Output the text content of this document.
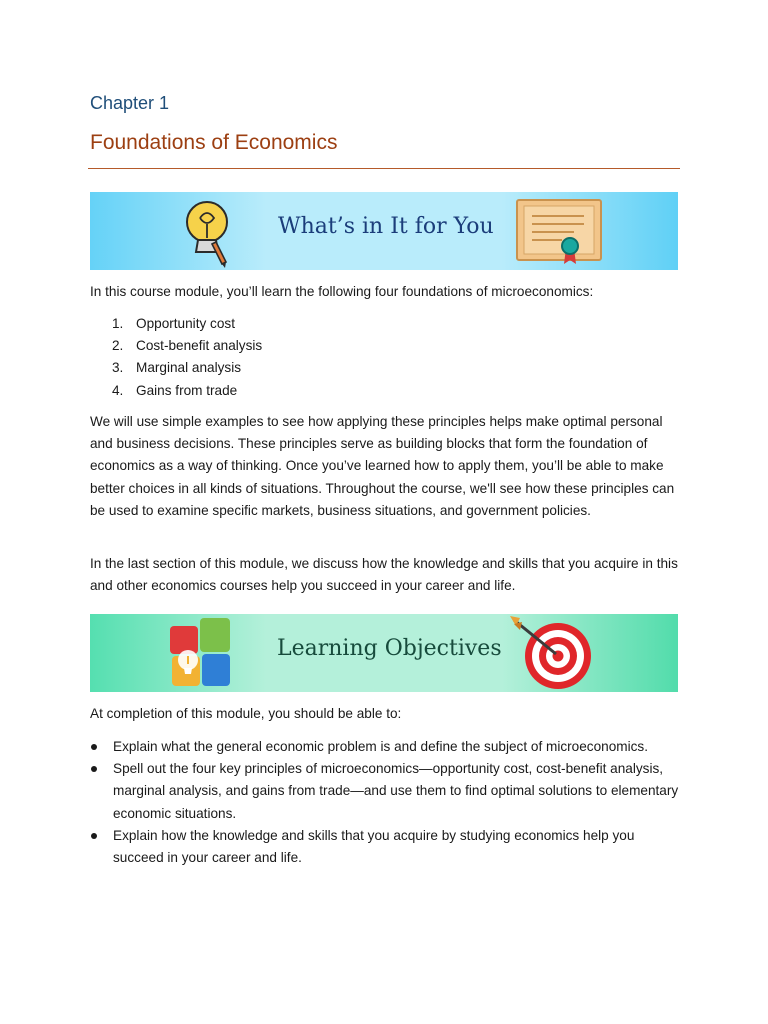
Chapter 1
Foundations of Economics
What’s in It for You

In this course module, you’ll learn the following four foundations of microeconomics:

1. Opportunity cost
2. Cost-benefit analysis
3. Marginal analysis
4. Gains from trade

We will use simple examples to see how applying these principles helps make optimal personal and business decisions. These principles serve as building blocks that form the foundation of economics as a way of thinking. Once you’ve learned how to apply them, you’ll be able to make better choices in all kinds of situations. Throughout the course, we'll see how these principles can be used to examine specific markets, business situations, and government policies.

In the last section of this module, we discuss how the knowledge and skills that you acquire in this and other economics courses help you succeed in your career and life.

Learning Objectives

At completion of this module, you should be able to:

Explain what the general economic problem is and define the subject of microeconomics.
Spell out the four key principles of microeconomics—opportunity cost, cost-benefit analysis, marginal analysis, and gains from trade—and use them to find optimal solutions to elementary economic situations.
Explain how the knowledge and skills that you acquire by studying economics help you succeed in your career and life.
